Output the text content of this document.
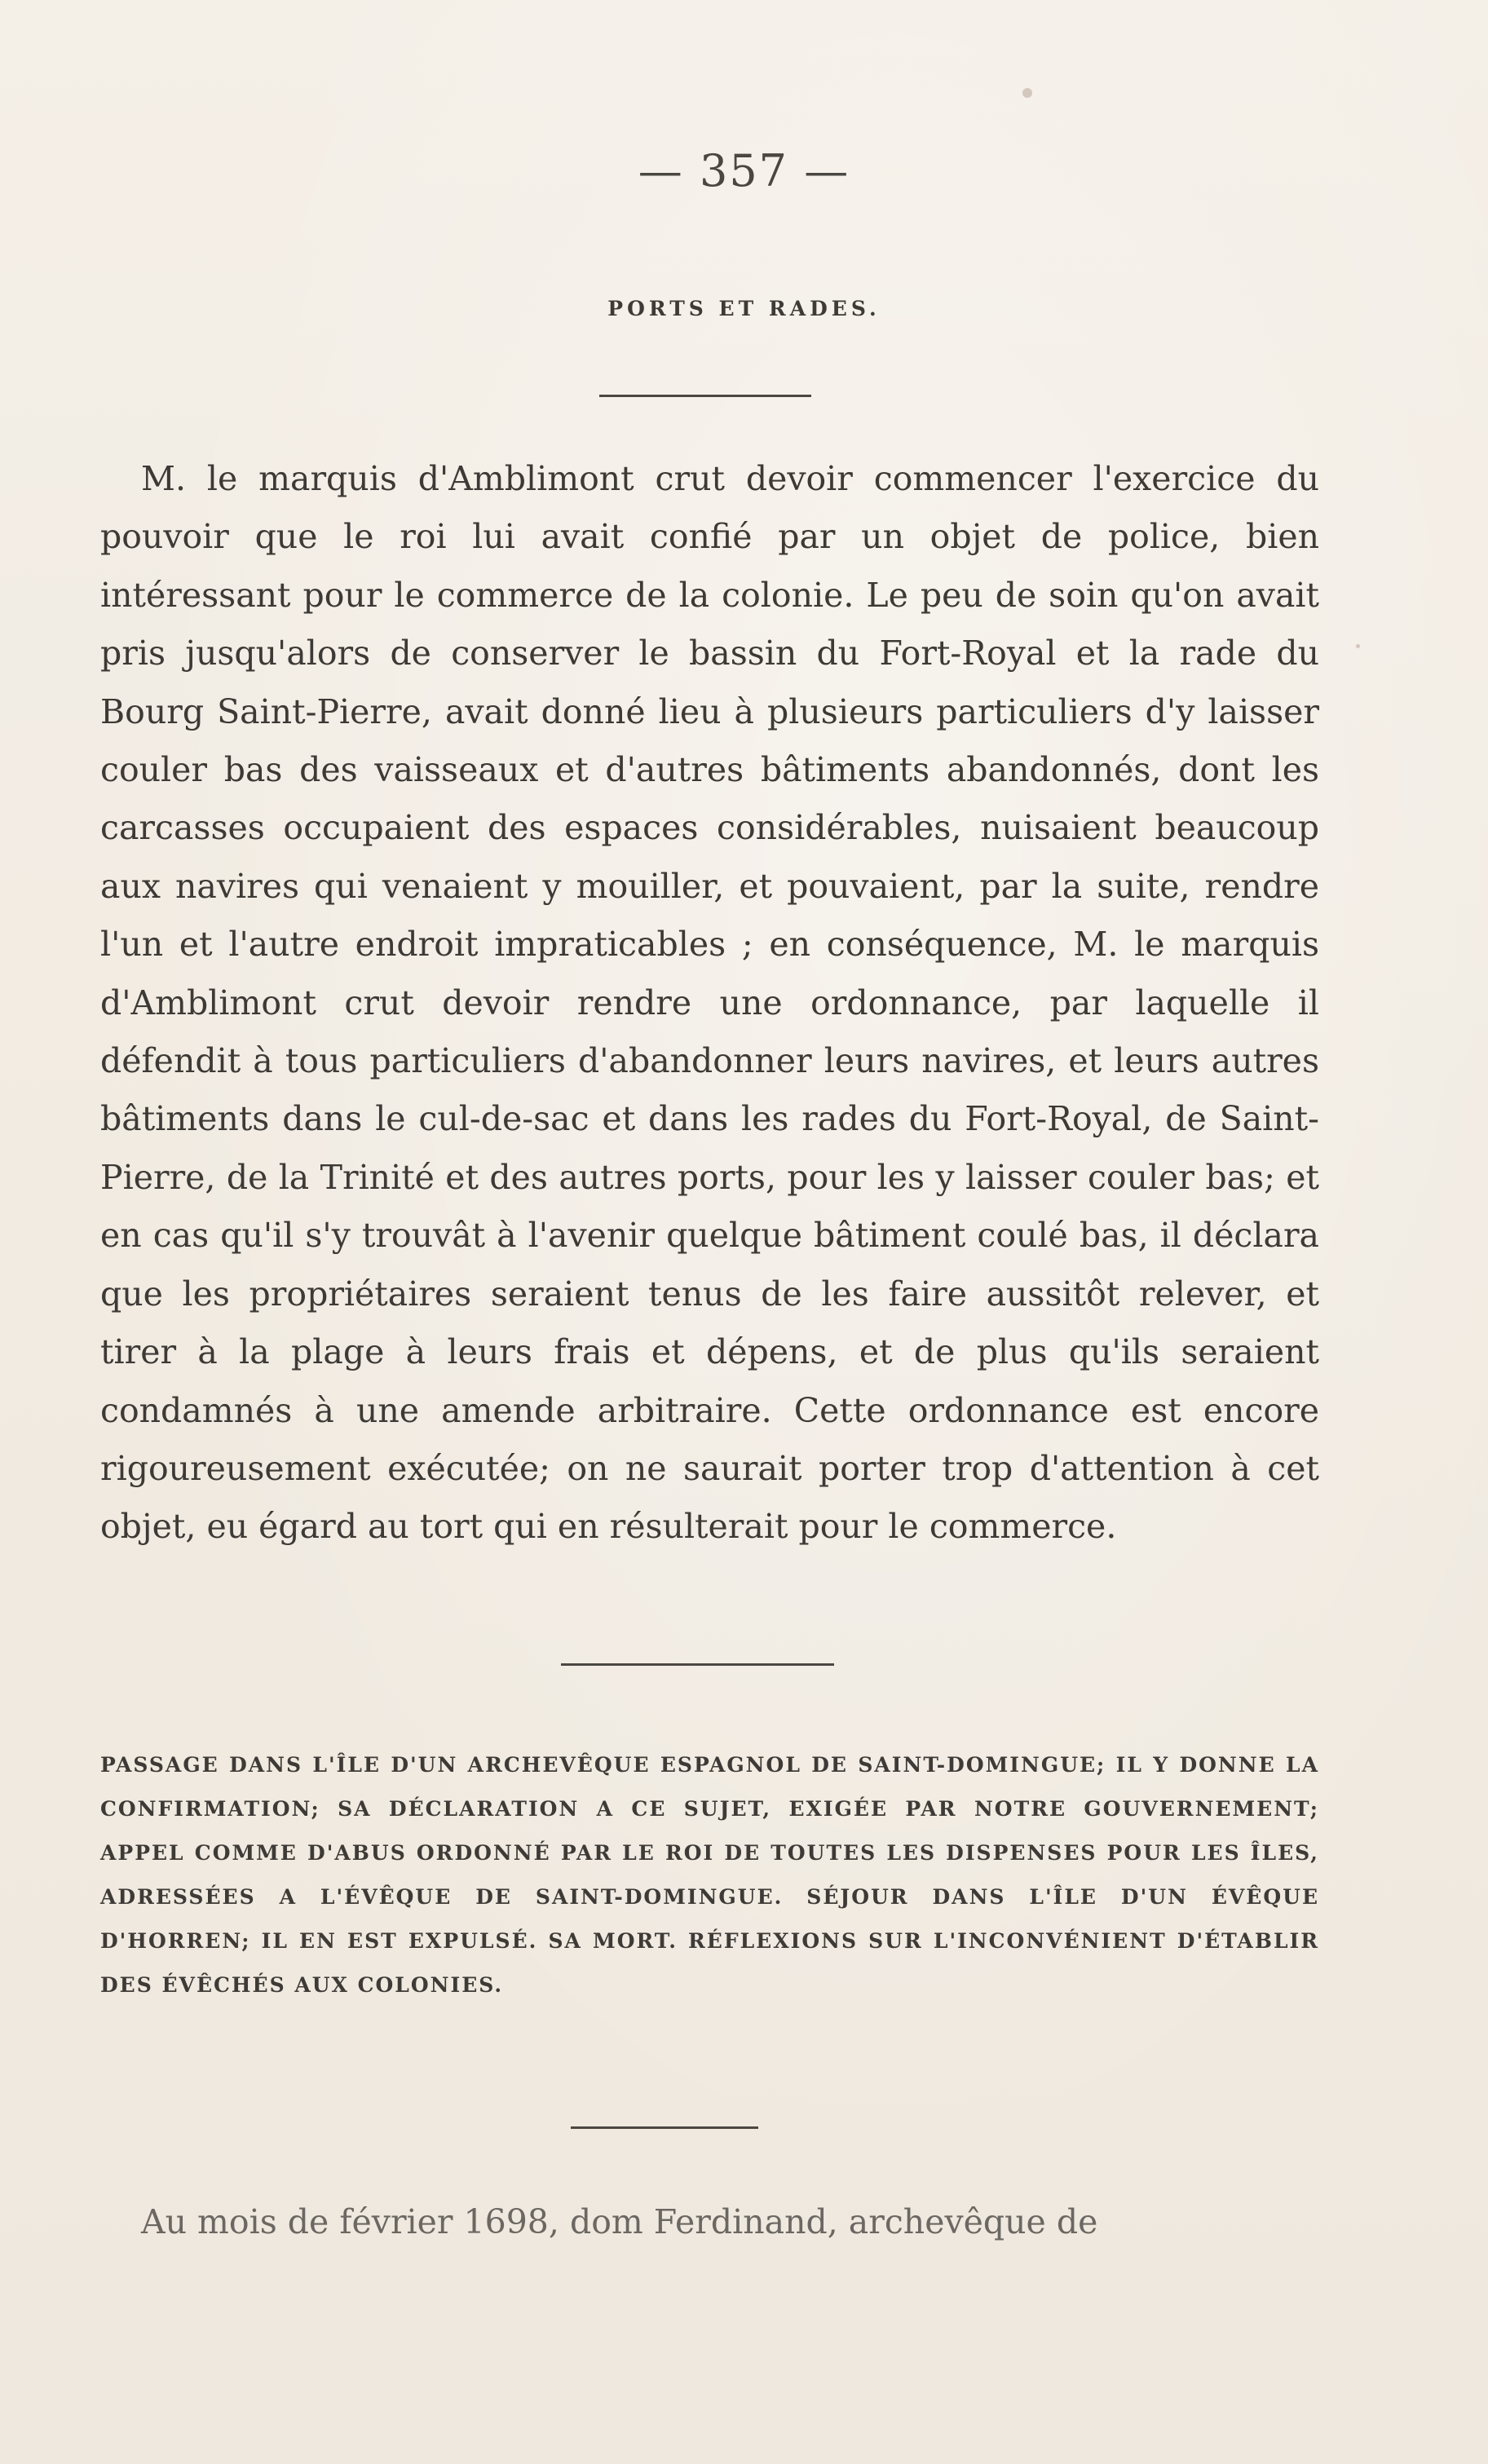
— 357 —
PORTS ET RADES.
M. le marquis d'Amblimont crut devoir commencer l'exercice du pouvoir que le roi lui avait confié par un objet de police, bien intéressant pour le commerce de la colonie. Le peu de soin qu'on avait pris jusqu'alors de conserver le bassin du Fort-Royal et la rade du Bourg Saint-Pierre, avait donné lieu à plusieurs particuliers d'y laisser couler bas des vaisseaux et d'autres bâtiments abandonnés, dont les carcasses occupaient des espaces considérables, nuisaient beaucoup aux navires qui venaient y mouiller, et pouvaient, par la suite, rendre l'un et l'autre endroit impraticables ; en conséquence, M. le marquis d'Amblimont crut devoir rendre une ordonnance, par laquelle il défendit à tous particuliers d'abandonner leurs navires, et leurs autres bâtiments dans le cul-de-sac et dans les rades du Fort-Royal, de Saint-Pierre, de la Trinité et des autres ports, pour les y laisser couler bas; et en cas qu'il s'y trouvât à l'avenir quelque bâtiment coulé bas, il déclara que les propriétaires seraient tenus de les faire aussitôt relever, et tirer à la plage à leurs frais et dépens, et de plus qu'ils seraient condamnés à une amende arbitraire. Cette ordonnance est encore rigoureusement exécutée; on ne saurait porter trop d'attention à cet objet, eu égard au tort qui en résulterait pour le commerce.
PASSAGE DANS L'ÎLE D'UN ARCHEVÊQUE ESPAGNOL DE SAINT-DOMINGUE; IL Y DONNE LA CONFIRMATION; SA DÉCLARATION A CE SUJET, EXIGÉE PAR NOTRE GOUVERNEMENT; APPEL COMME D'ABUS ORDONNÉ PAR LE ROI DE TOUTES LES DISPENSES POUR LES ÎLES, ADRESSÉES A L'ÉVÊQUE DE SAINT-DOMINGUE. SÉJOUR DANS L'ÎLE D'UN ÉVÊQUE D'HORREN; IL EN EST EXPULSÉ. SA MORT. RÉFLEXIONS SUR L'INCONVÉNIENT D'ÉTABLIR DES ÉVÊCHÉS AUX COLONIES.
Au mois de février 1698, dom Ferdinand, archevêque de
